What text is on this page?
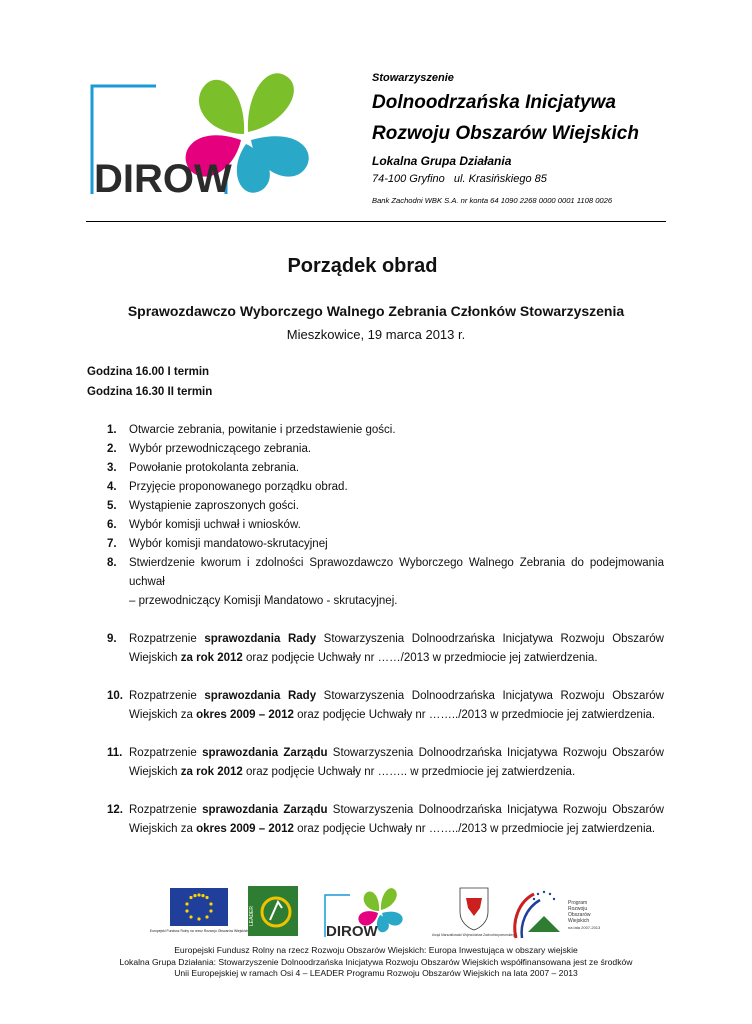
DIROW
Stowarzyszenie
Dolnoodrzańska Inicjatywa
Rozwoju Obszarów Wiejskich
Lokalna Grupa Działania
74-100 Gryfino   ul. Krasińskiego 85
Bank Zachodni WBK S.A. nr konta 64 1090 2268 0000 0001 1108 0026
Porządek obrad
Sprawozdawczo Wyborczego Walnego Zebrania Członków Stowarzyszenia
Mieszkowice, 19 marca 2013 r.
Godzina 16.00 I termin
Godzina 16.30 II termin
1. Otwarcie zebrania, powitanie i przedstawienie gości.
2. Wybór przewodniczącego zebrania.
3. Powołanie protokolanta zebrania.
4. Przyjęcie proponowanego porządku obrad.
5. Wystąpienie zaproszonych gości.
6. Wybór komisji uchwał i wniosków.
7. Wybór komisji mandatowo-skrutacyjnej
8. Stwierdzenie kworum i zdolności Sprawozdawczo Wyborczego Walnego Zebrania do podejmowania uchwał
– przewodniczący Komisji Mandatowo - skrutacyjnej.
9. Rozpatrzenie sprawozdania Rady Stowarzyszenia Dolnoodrzańska Inicjatywa Rozwoju Obszarów Wiejskich za rok 2012 oraz podjęcie Uchwały nr ……/2013 w przedmiocie jej zatwierdzenia.
10. Rozpatrzenie sprawozdania Rady Stowarzyszenia Dolnoodrzańska Inicjatywa Rozwoju Obszarów Wiejskich za okres 2009 – 2012 oraz podjęcie Uchwały nr ……../2013 w przedmiocie jej zatwierdzenia.
11. Rozpatrzenie sprawozdania Zarządu Stowarzyszenia Dolnoodrzańska Inicjatywa Rozwoju Obszarów Wiejskich za rok 2012 oraz podjęcie Uchwały nr …….. w przedmiocie jej zatwierdzenia.
12. Rozpatrzenie sprawozdania Zarządu Stowarzyszenia Dolnoodrzańska Inicjatywa Rozwoju Obszarów Wiejskich za okres 2009 – 2012 oraz podjęcie Uchwały nr ……../2013 w przedmiocie jej zatwierdzenia.
Europejski Fundusz Rolny na rzecz Rozwoju Obszarów Wiejskich
LEADER
DIROW	Urząd Marszałkowski Województwa Zachodniopomorskiego
Program
Rozwoju
Obszarów
Wiejskich
na lata 2007-2013
Europejski Fundusz Rolny na rzecz Rozwoju Obszarów Wiejskich: Europa Inwestująca w obszary wiejskie
Lokalna Grupa Działania: Stowarzyszenie Dolnoodrzańska Inicjatywa Rozwoju Obszarów Wiejskich współfinansowana jest ze środków
Unii Europejskiej w ramach Osi 4 – LEADER Programu Rozwoju Obszarów Wiejskich na lata 2007 – 2013
